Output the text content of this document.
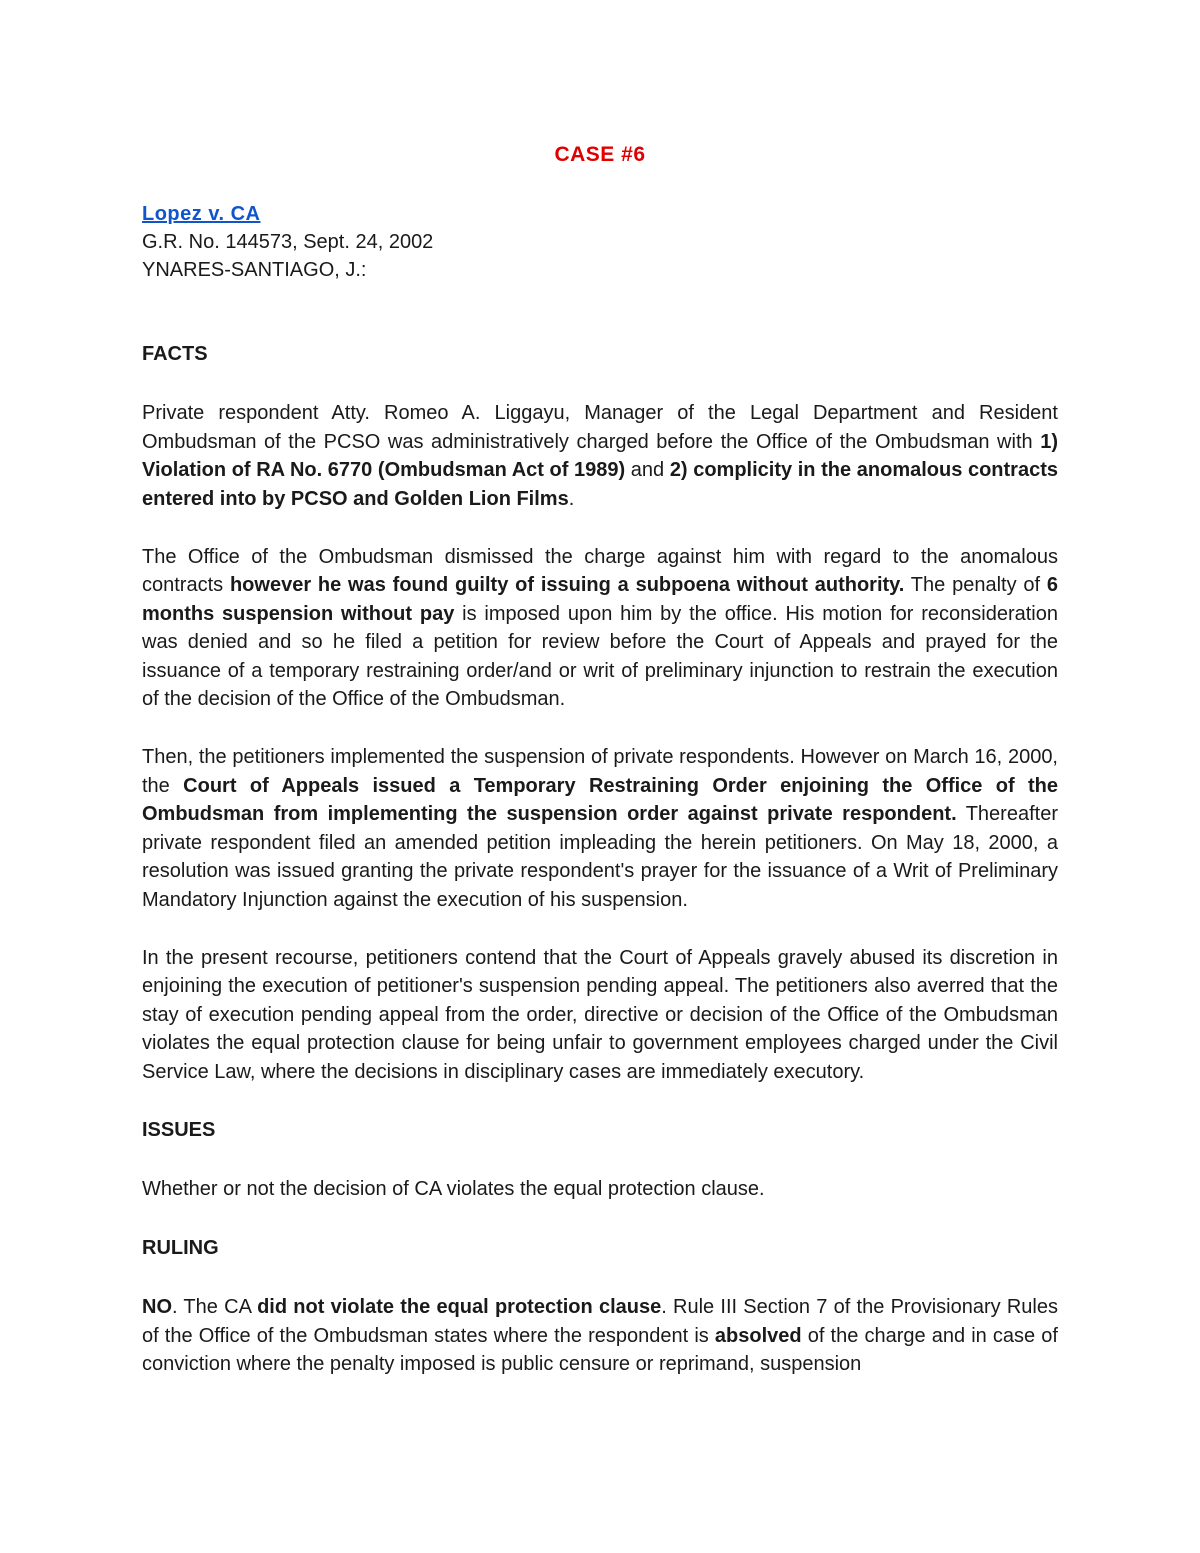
CASE #6
Lopez v. CA
G.R. No. 144573, Sept. 24, 2002
YNARES-SANTIAGO, J.:

FACTS

Private respondent Atty. Romeo A. Liggayu, Manager of the Legal Department and Resident Ombudsman of the PCSO was administratively charged before the Office of the Ombudsman with 1) Violation of RA No. 6770 (Ombudsman Act of 1989) and 2) complicity in the anomalous contracts entered into by PCSO and Golden Lion Films.

The Office of the Ombudsman dismissed the charge against him with regard to the anomalous contracts however he was found guilty of issuing a subpoena without authority. The penalty of 6 months suspension without pay is imposed upon him by the office. His motion for reconsideration was denied and so he filed a petition for review before the Court of Appeals and prayed for the issuance of a temporary restraining order/and or writ of preliminary injunction to restrain the execution of the decision of the Office of the Ombudsman.

Then, the petitioners implemented the suspension of private respondents. However on March 16, 2000, the Court of Appeals issued a Temporary Restraining Order enjoining the Office of the Ombudsman from implementing the suspension order against private respondent. Thereafter private respondent filed an amended petition impleading the herein petitioners. On May 18, 2000, a resolution was issued granting the private respondent's prayer for the issuance of a Writ of Preliminary Mandatory Injunction against the execution of his suspension.

In the present recourse, petitioners contend that the Court of Appeals gravely abused its discretion in enjoining the execution of petitioner's suspension pending appeal. The petitioners also averred that the stay of execution pending appeal from the order, directive or decision of the Office of the Ombudsman violates the equal protection clause for being unfair to government employees charged under the Civil Service Law, where the decisions in disciplinary cases are immediately executory.

ISSUES

Whether or not the decision of CA violates the equal protection clause.

RULING

NO. The CA did not violate the equal protection clause. Rule III Section 7 of the Provisionary Rules of the Office of the Ombudsman states where the respondent is absolved of the charge and in case of conviction where the penalty imposed is public censure or reprimand, suspension
